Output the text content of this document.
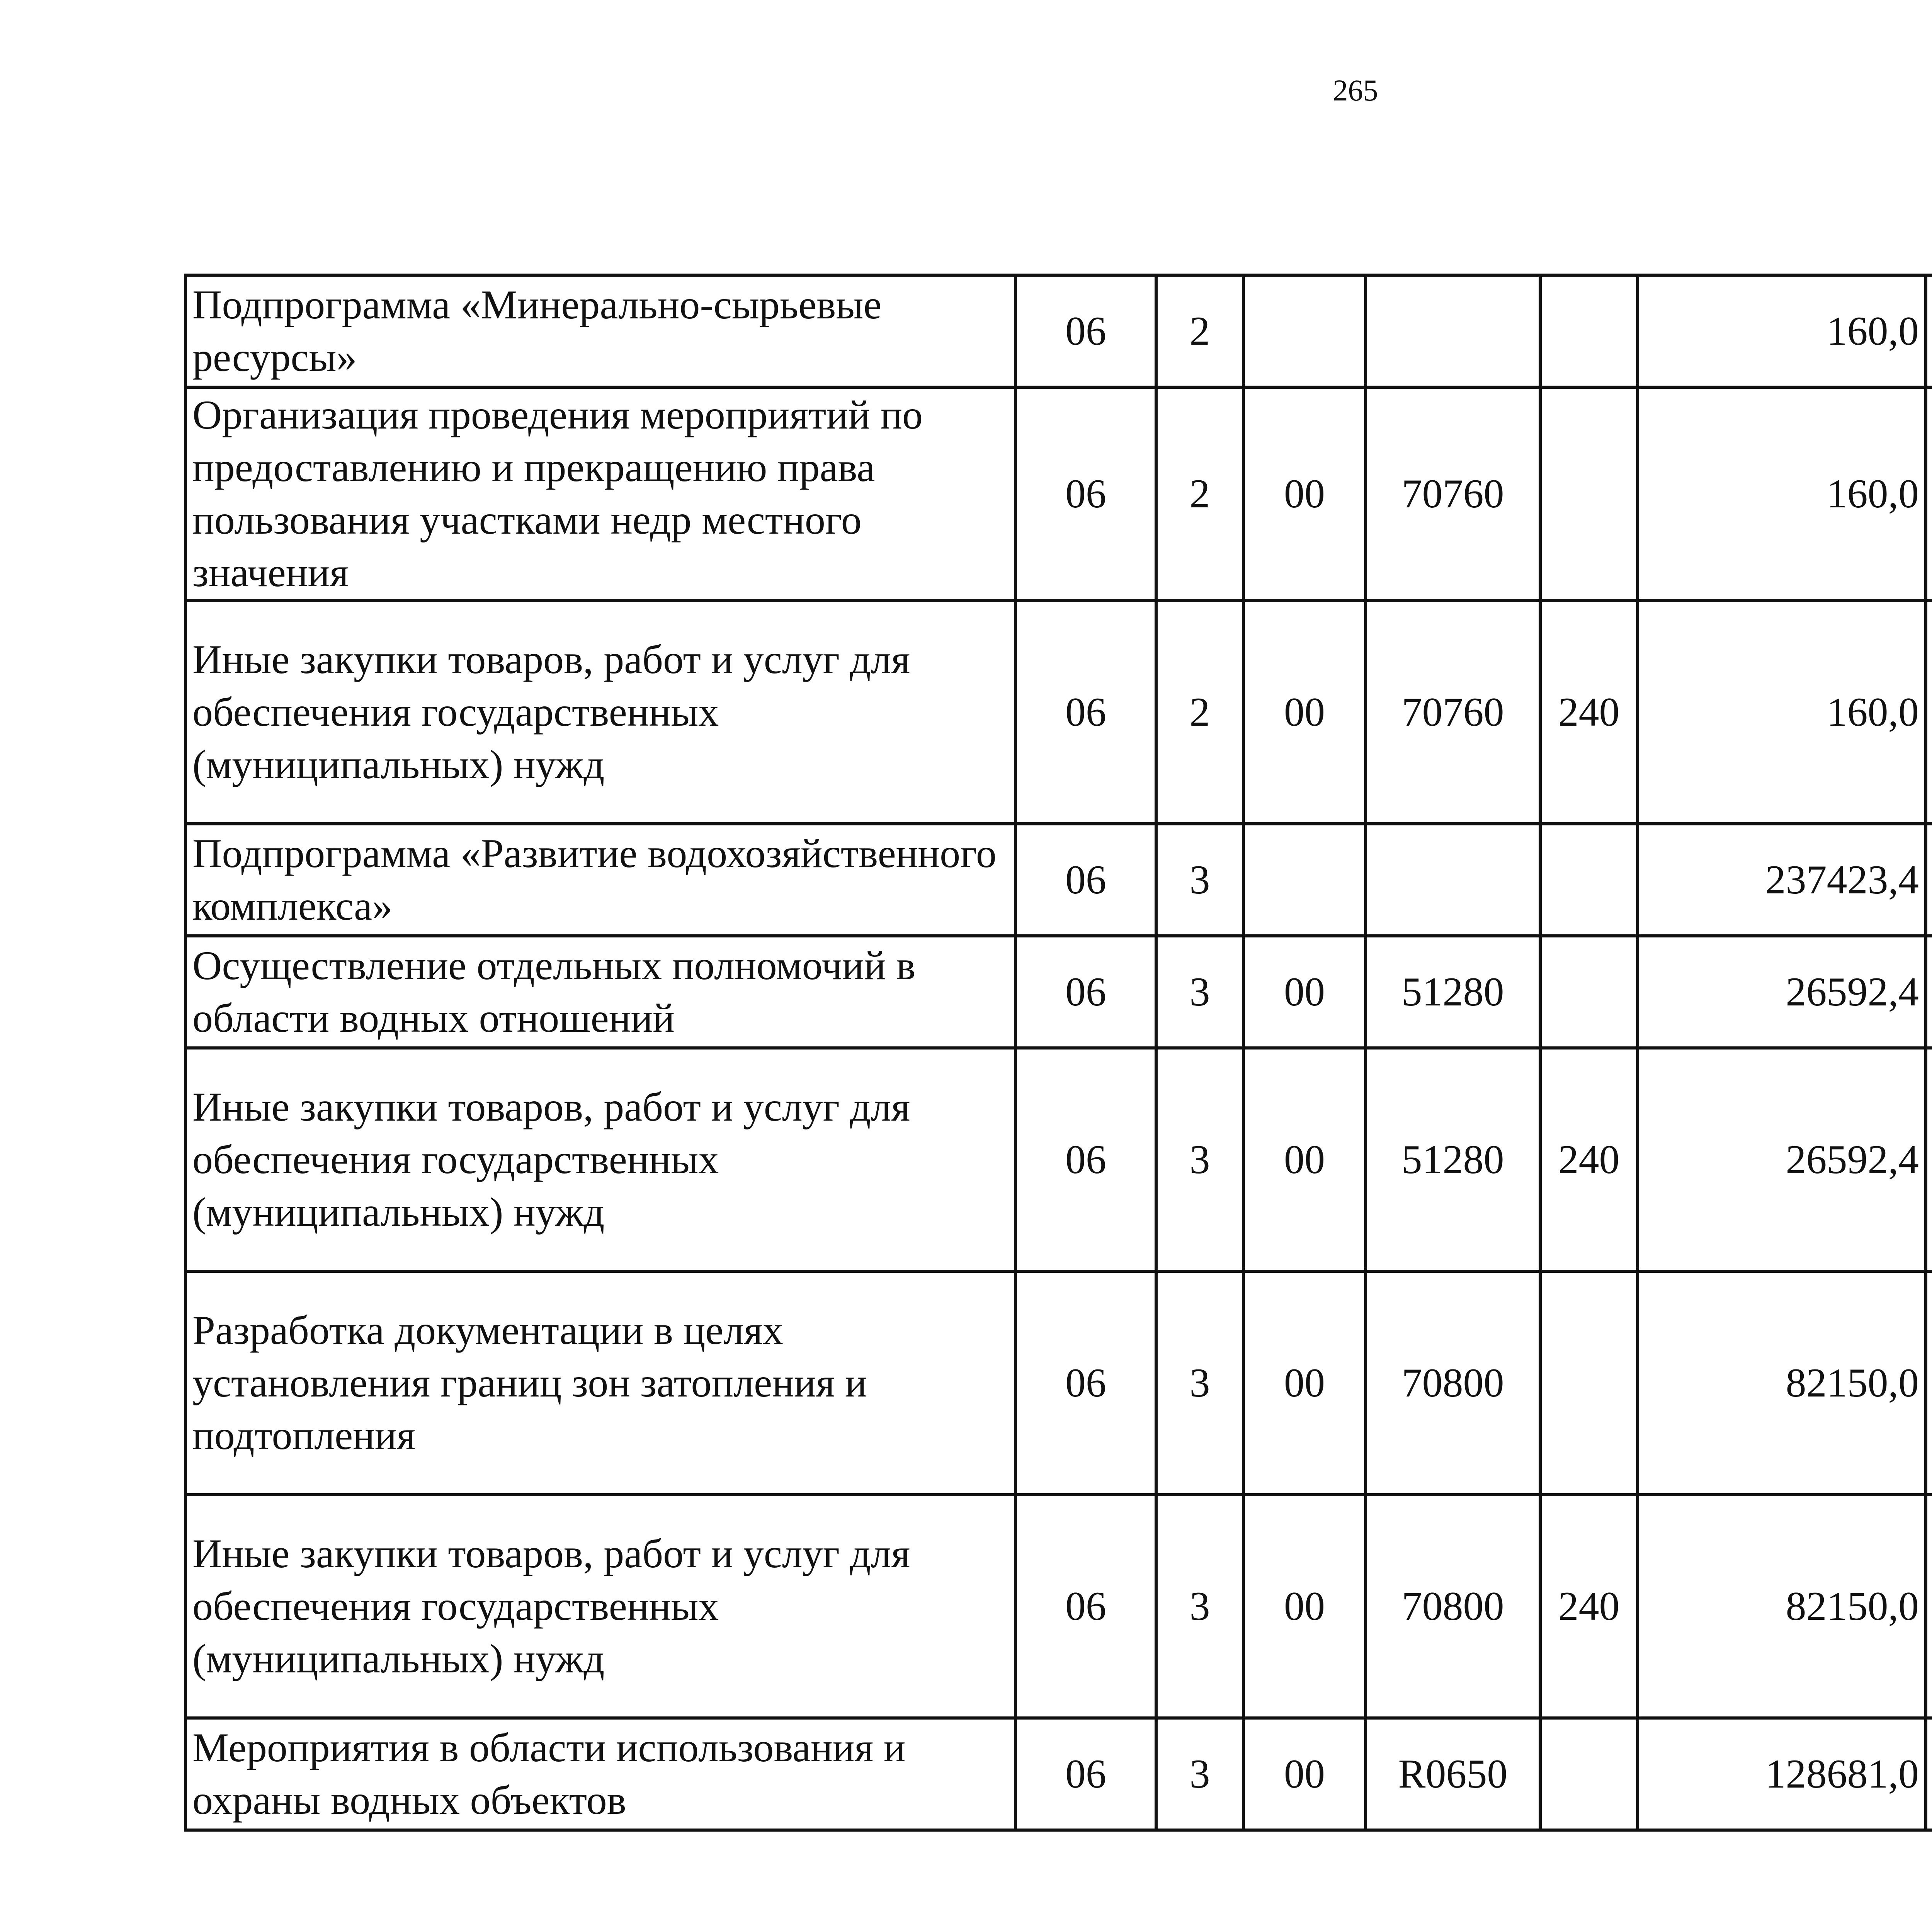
265
Подпрограмма «Минерально-сырьевые ресурсы»	06	2				160,0		
Организация проведения мероприятий по предоставлению и прекращению права пользования участками недр местного значения	06	2	00	70760		160,0		
Иные закупки товаров, работ и услуг для обеспечения государственных (муниципальных) нужд	06	2	00	70760	240	160,0		
Подпрограмма «Развитие водохозяйственного комплекса»	06	3				237423,4		
Осуществление отдельных полномочий в области водных отношений	06	3	00	51280		26592,4		
Иные закупки товаров, работ и услуг для обеспечения государственных (муниципальных) нужд	06	3	00	51280	240	26592,4		
Разработка документации в целях установления границ зон затопления и подтопления	06	3	00	70800		82150,0		
Иные закупки товаров, работ и услуг для обеспечения государственных (муниципальных) нужд	06	3	00	70800	240	82150,0		
Мероприятия в области использования и охраны водных объектов	06	3	00	R0650		128681,0		
